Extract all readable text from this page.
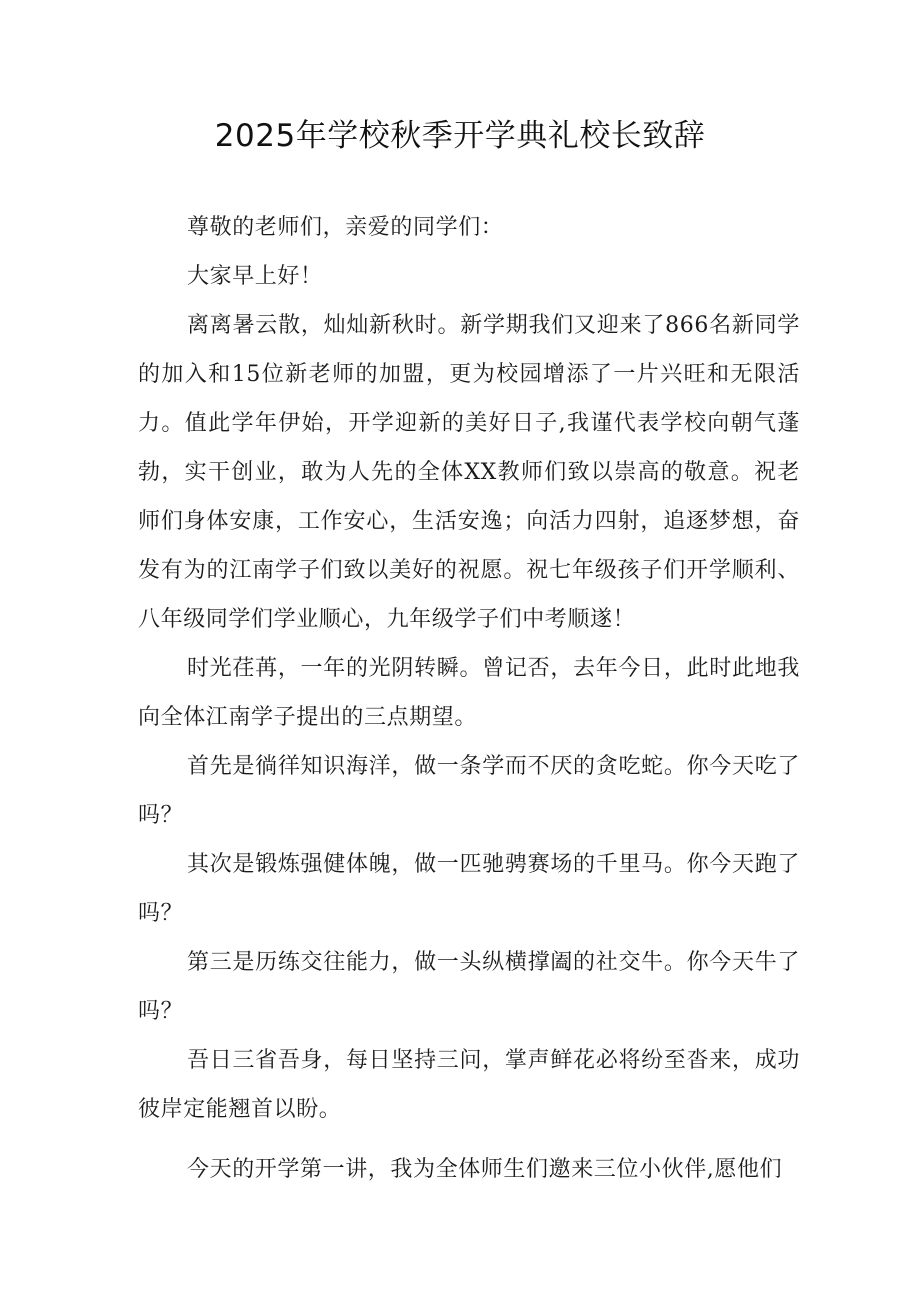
2025年学校秋季开学典礼校长致辞

尊敬的老师们，亲爱的同学们：

大家早上好！

离离暑云散，灿灿新秋时。新学期我们又迎来了866名新同学的加入和15位新老师的加盟，更为校园增添了一片兴旺和无限活力。值此学年伊始，开学迎新的美好日子,我谨代表学校向朝气蓬勃，实干创业，敢为人先的全体XX教师们致以崇高的敬意。祝老师们身体安康，工作安心，生活安逸；向活力四射，追逐梦想，奋发有为的江南学子们致以美好的祝愿。祝七年级孩子们开学顺利、八年级同学们学业顺心，九年级学子们中考顺遂！

时光荏苒，一年的光阴转瞬。曾记否，去年今日，此时此地我向全体江南学子提出的三点期望。

首先是徜徉知识海洋，做一条学而不厌的贪吃蛇。你今天吃了吗？

其次是锻炼强健体魄，做一匹驰骋赛场的千里马。你今天跑了吗？

第三是历练交往能力，做一头纵横撑阖的社交牛。你今天牛了吗？

吾日三省吾身，每日坚持三问，掌声鲜花必将纷至沓来，成功彼岸定能翘首以盼。

今天的开学第一讲，我为全体师生们邀来三位小伙伴,愿他们
